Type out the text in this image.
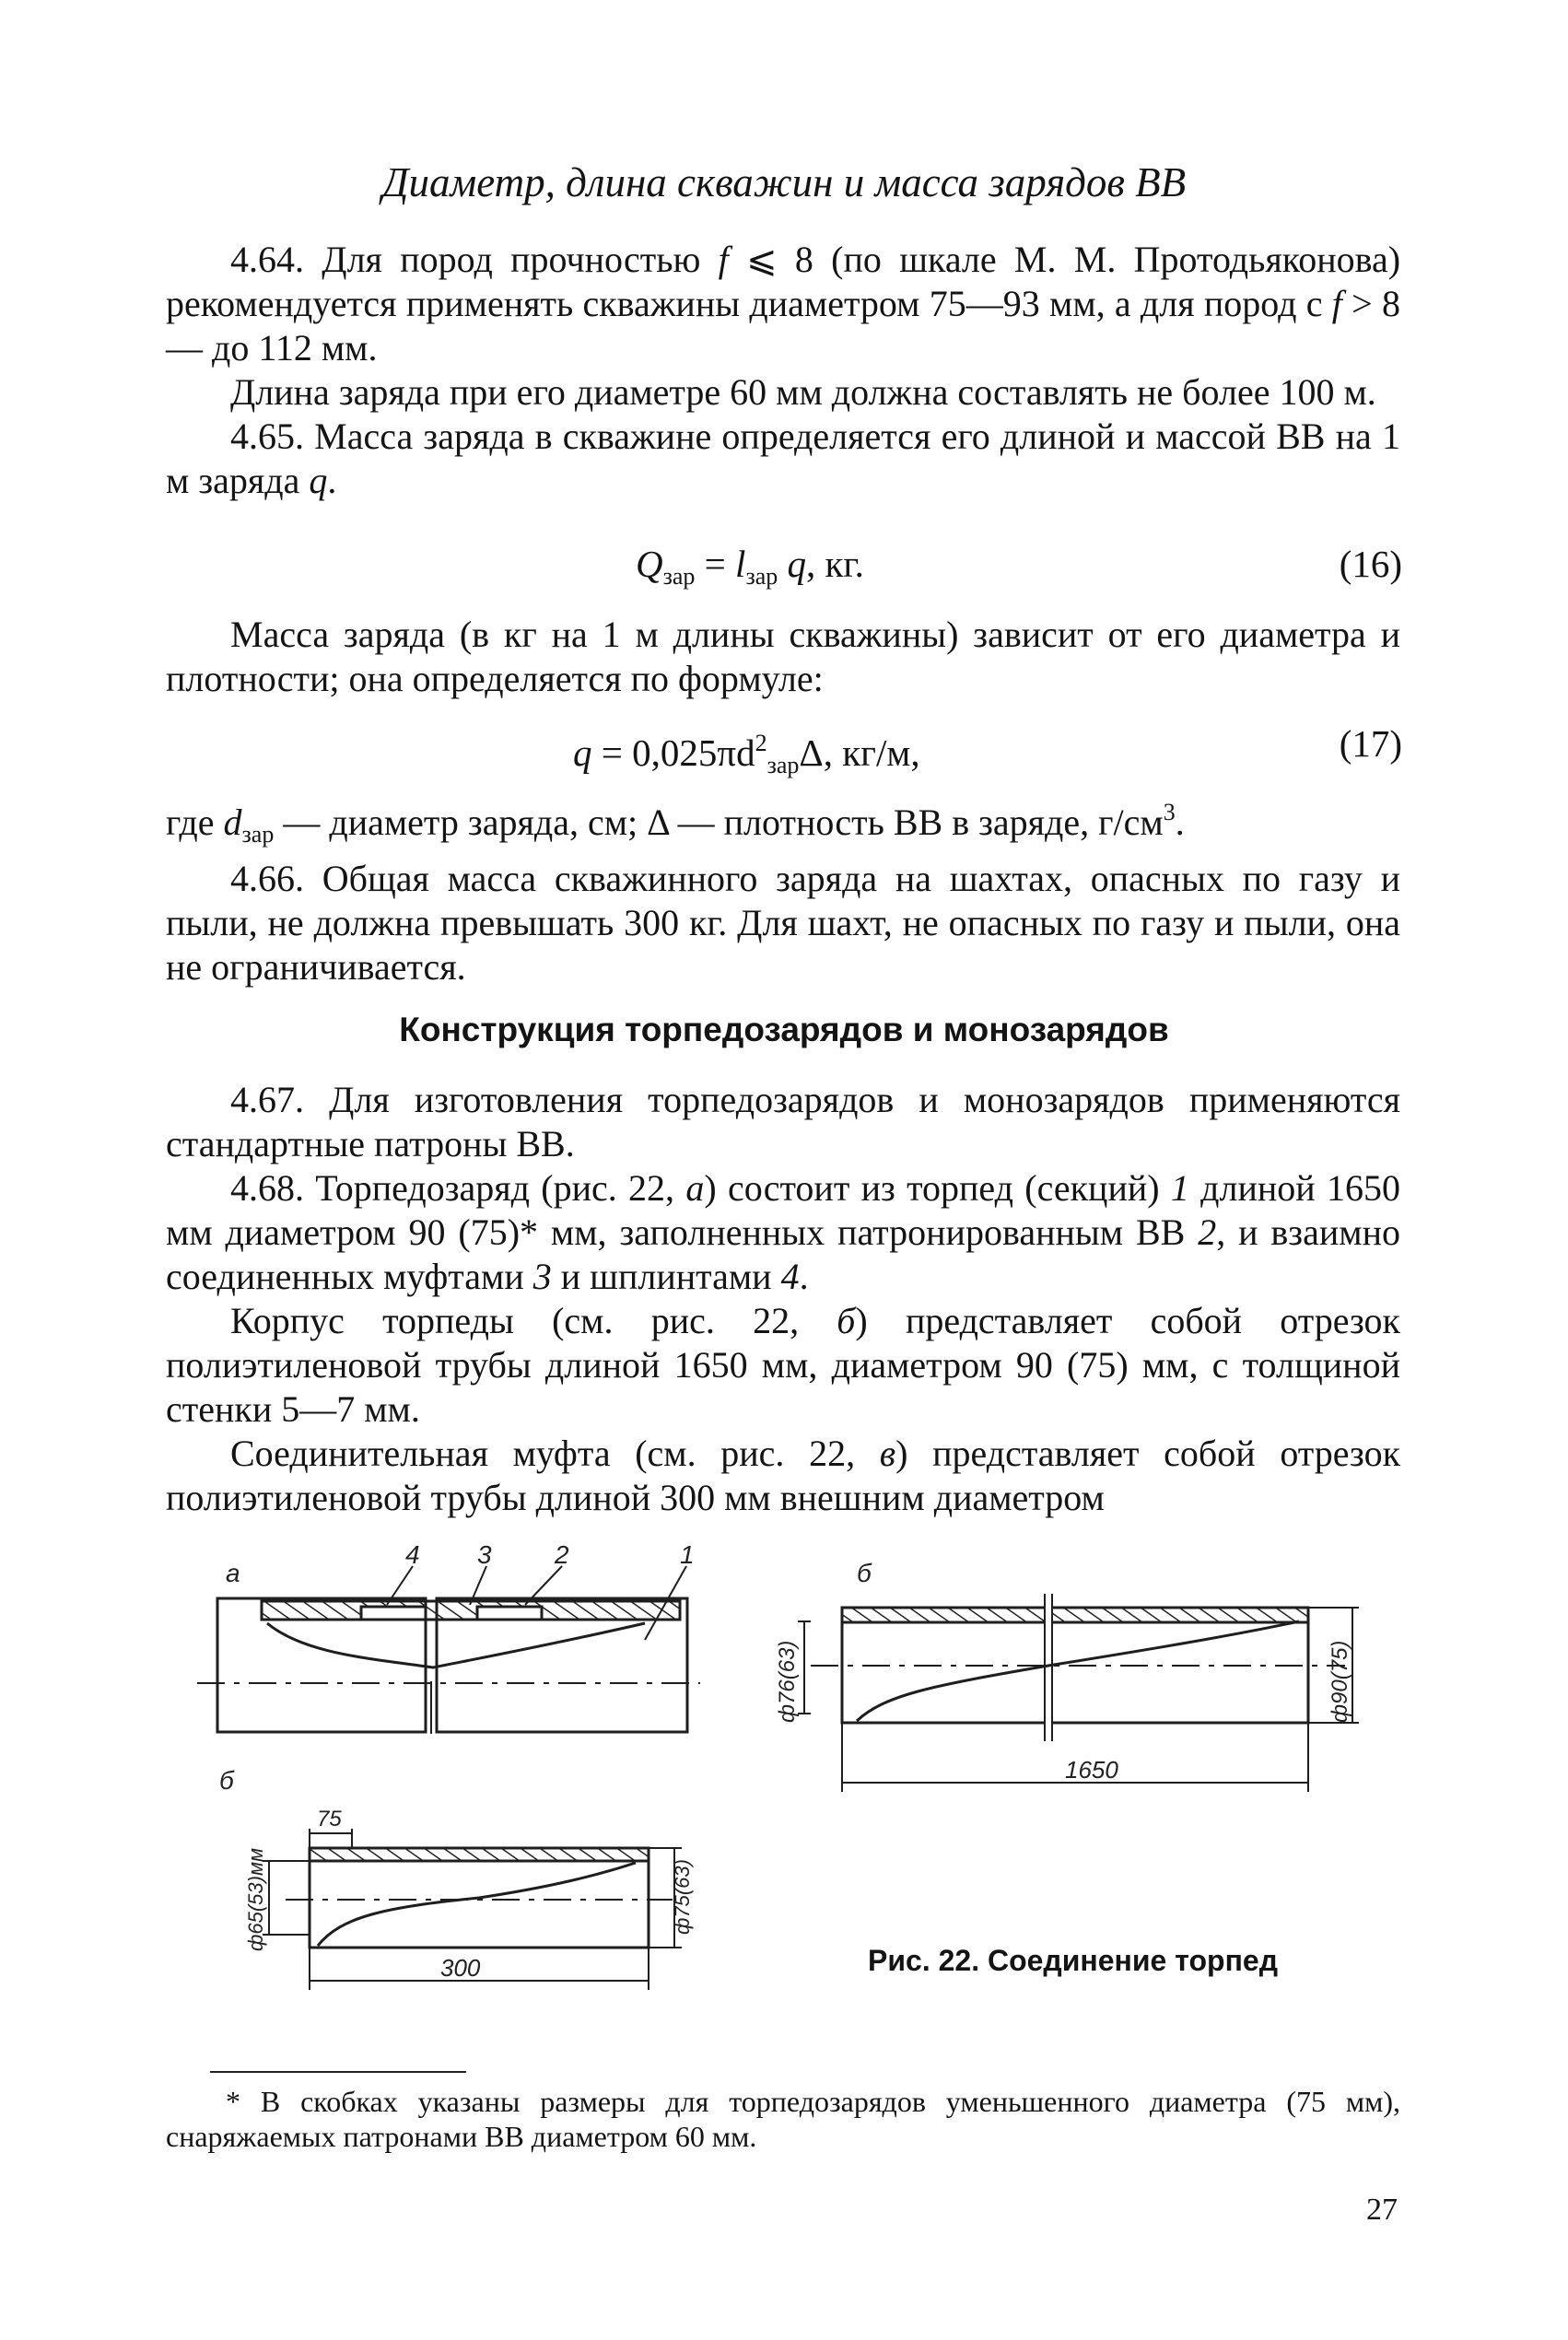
Диаметр, длина скважин и масса зарядов ВВ

4.64. Для пород прочностью f ⩽ 8 (по шкале М. М. Протодьяконова) рекомендуется применять скважины диаметром 75—93 мм, а для пород с f > 8 — до 112 мм.

Длина заряда при его диаметре 60 мм должна составлять не более 100 м.

4.65. Масса заряда в скважине определяется его длиной и массой ВВ на 1 м заряда q.

$Q_{зар} = l_{зар}$ q, кг.	(16)

Масса заряда (в кг на 1 м длины скважины) зависит от его диаметра и плотности; она определяется по формуле:

$q = 0,025\pi d^2_{зар}\Delta$, кг/м,	(17)

где $d_{зар}$ — диаметр заряда, см; Δ — плотность ВВ в заряде, $г/см^3$.

4.66. Общая масса скважинного заряда на шахтах, опасных по газу и пыли, не должна превышать 300 кг. Для шахт, не опасных по газу и пыли, она не ограничивается.

Конструкция торпедозарядов и монозарядов

4.67. Для изготовления торпедозарядов и монозарядов применяются стандартные патроны ВВ.

4.68. Торпедозаряд (рис. 22, а) состоит из торпед (секций) 1 длиной 1650 мм диаметром 90 (75)* мм, заполненных патронированным ВВ 2, и взаимно соединенных муфтами 3 и шплинтами 4.

Корпус торпеды (см. рис. 22, б) представляет собой отрезок полиэтиленовой трубы длиной 1650 мм, диаметром 90 (75) мм, с толщиной стенки 5—7 мм.

Соединительная муфта (см. рис. 22, в) представляет собой отрезок полиэтиленовой трубы длиной 300 мм внешним диаметром

а
4 3 2	1
б
1650
ф76(63)	ф90(75)
б
75
ф65(53)мм	ф75(63)
300	Рис. 22. Соединение торпед

* В скобках указаны размеры для торпедозарядов уменьшенного диаметра (75 мм), снаряжаемых патронами ВВ диаметром 60 мм.

27
